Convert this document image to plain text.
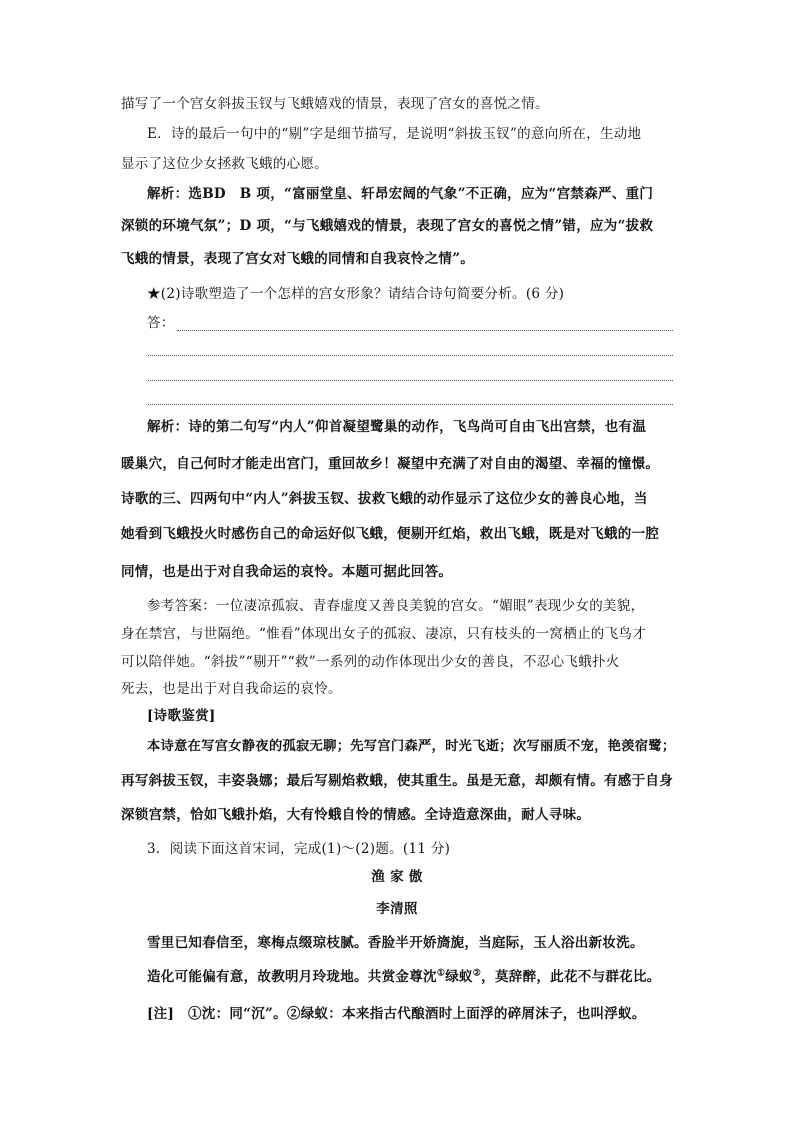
描写了一个宫女斜拔玉钗与飞蛾嬉戏的情景，表现了宫女的喜悦之情。
E．诗的最后一句中的“剔”字是细节描写，是说明“斜拔玉钗”的意向所在，生动地
显示了这位少女拯救飞蛾的心愿。
解析：选BD　B 项，“富丽堂皇、轩昂宏阔的气象”不正确，应为“宫禁森严、重门
深锁的环境气氛”；D 项，“与飞蛾嬉戏的情景，表现了宫女的喜悦之情”错，应为“拔救
飞蛾的情景，表现了宫女对飞蛾的同情和自我哀怜之情”。
★(2)诗歌塑造了一个怎样的宫女形象？请结合诗句简要分析。(6 分)
答：
解析：诗的第二句写“内人”仰首凝望鹭巢的动作，飞鸟尚可自由飞出宫禁，也有温
暖巢穴，自己何时才能走出宫门，重回故乡！凝望中充满了对自由的渴望、幸福的憧憬。
诗歌的三、四两句中“内人”斜拔玉钗、拔救飞蛾的动作显示了这位少女的善良心地，当
她看到飞蛾投火时感伤自己的命运好似飞蛾，便剔开红焰，救出飞蛾，既是对飞蛾的一腔
同情，也是出于对自我命运的哀怜。本题可据此回答。
参考答案：一位凄凉孤寂、青春虚度又善良美貌的宫女。“媚眼”表现少女的美貌，
身在禁宫，与世隔绝。“惟看”体现出女子的孤寂、凄凉，只有枝头的一窝栖止的飞鸟才
可以陪伴她。“斜拔”“剔开”“救”一系列的动作体现出少女的善良，不忍心飞蛾扑火
死去，也是出于对自我命运的哀怜。
[诗歌鉴赏]
本诗意在写宫女静夜的孤寂无聊；先写宫门森严，时光飞逝；次写丽质不宠，艳羡宿鹭；
再写斜拔玉钗，丰姿袅娜；最后写剔焰救蛾，使其重生。虽是无意，却颇有情。有感于自身
深锁宫禁，恰如飞蛾扑焰，大有怜蛾自怜的情感。全诗造意深曲，耐人寻味。
3．阅读下面这首宋词，完成(1)～(2)题。(11 分)
渔 家 傲
李清照
雪里已知春信至，寒梅点缀琼枝腻。香脸半开娇旖旎，当庭际，玉人浴出新妆洗。
造化可能偏有意，故教明月玲珑地。共赏金尊沈①绿蚁②，莫辞醉，此花不与群花比。
[注]　①沈：同“沉”。②绿蚁：本来指古代酿酒时上面浮的碎屑沫子，也叫浮蚁。
